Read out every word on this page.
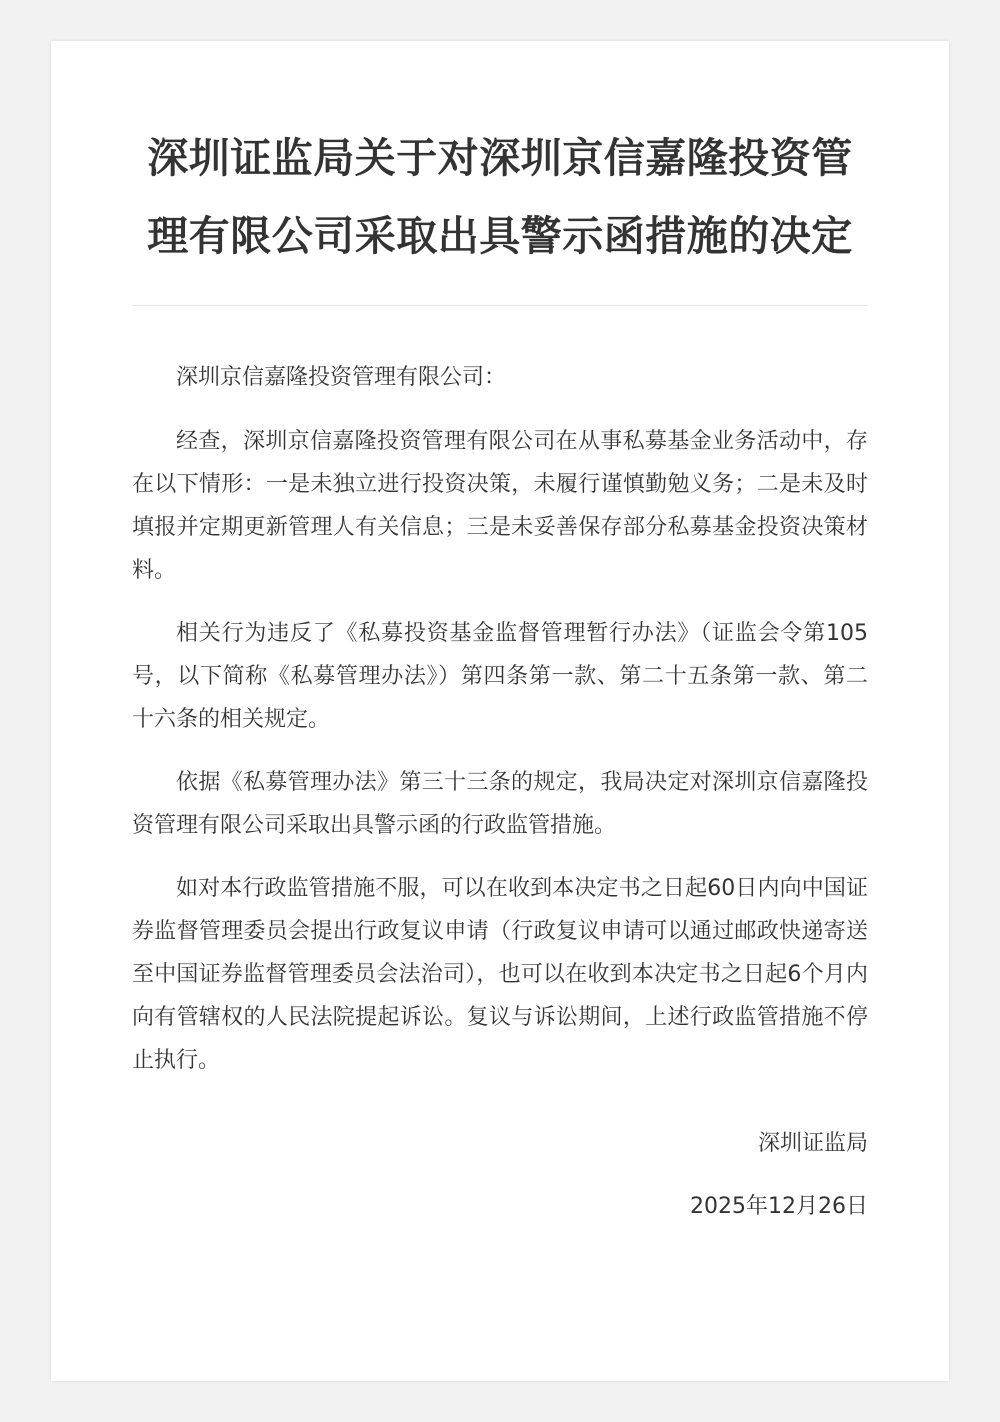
深圳证监局关于对深圳京信嘉隆投资管理有限公司采取出具警示函措施的决定

深圳京信嘉隆投资管理有限公司：

经查，深圳京信嘉隆投资管理有限公司在从事私募基金业务活动中，存在以下情形：一是未独立进行投资决策，未履行谨慎勤勉义务；二是未及时填报并定期更新管理人有关信息；三是未妥善保存部分私募基金投资决策材料。

相关行为违反了《私募投资基金监督管理暂行办法》（证监会令第105号，以下简称《私募管理办法》）第四条第一款、第二十五条第一款、第二十六条的相关规定。

依据《私募管理办法》第三十三条的规定，我局决定对深圳京信嘉隆投资管理有限公司采取出具警示函的行政监管措施。

如对本行政监管措施不服，可以在收到本决定书之日起60日内向中国证券监督管理委员会提出行政复议申请（行政复议申请可以通过邮政快递寄送至中国证券监督管理委员会法治司），也可以在收到本决定书之日起6个月内向有管辖权的人民法院提起诉讼。复议与诉讼期间，上述行政监管措施不停止执行。

深圳证监局
2025年12月26日
